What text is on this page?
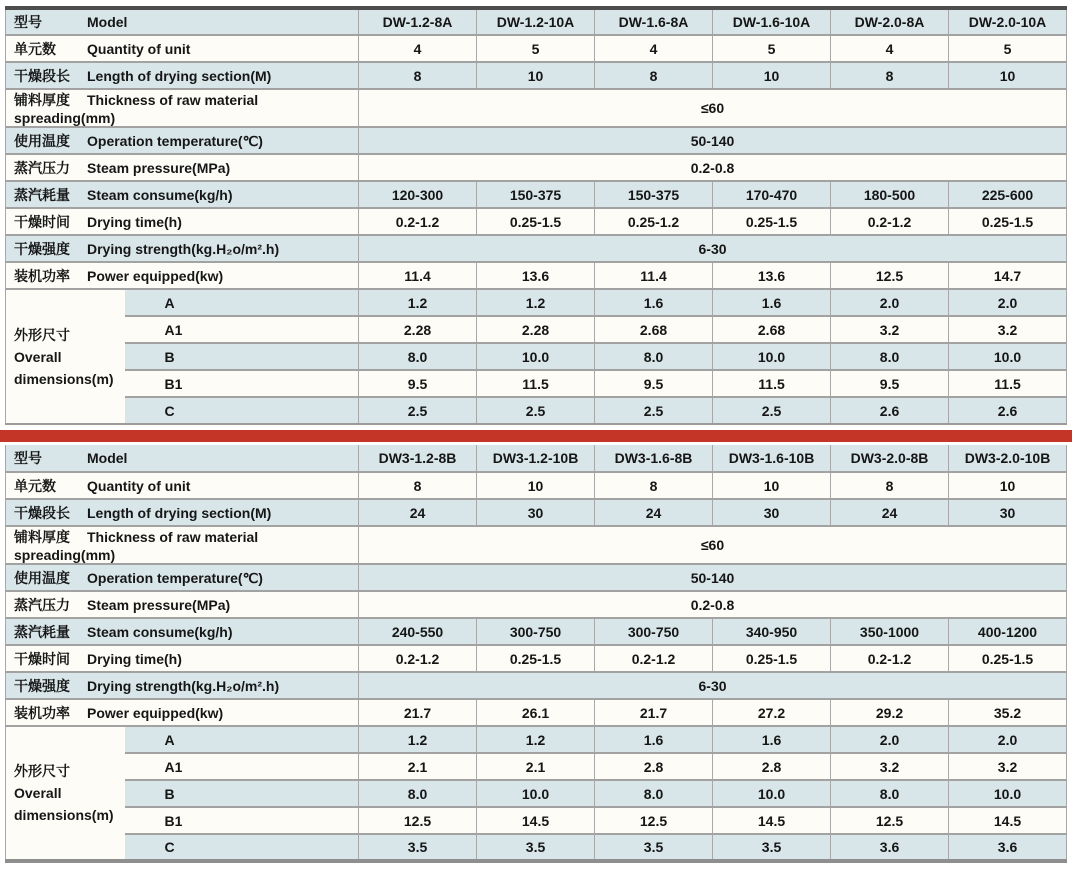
型号 Model		DW-1.2-8A	DW-1.2-10A	DW-1.6-8A	DW-1.6-10A	DW-2.0-8A	DW-2.0-10A
单元数 Quantity of unit		4	5	4	5	4	5
干燥段长 Length of drying section(M)		8	10	8	10	8	10
铺料厚度 Thickness of raw material spreading(mm)		≤60					
使用温度 Operation temperature(℃)		50-140					
蒸汽压力 Steam pressure(MPa)		0.2-0.8					
蒸汽耗量 Steam consume(kg/h)		120-300	150-375	150-375	170-470	180-500	225-600
干燥时间 Drying time(h)		0.2-1.2	0.25-1.5	0.25-1.2	0.25-1.5	0.2-1.2	0.25-1.5
干燥强度 Drying strength(kg.H₂o/m².h)		6-30					
装机功率 Power equipped(kw)		11.4	13.6	11.4	13.6	12.5	14.7

外形尺寸
Overall
dimensions(m)	A	1.2	1.2	1.6	1.6	2.0	2.0
	A1	2.28	2.28	2.68	2.68	3.2	3.2
	B	8.0	10.0	8.0	10.0	8.0	10.0
	B1	9.5	11.5	9.5	11.5	9.5	11.5
	C	2.5	2.5	2.5	2.5	2.6	2.6
型号 Model		DW3-1.2-8B	DW3-1.2-10B	DW3-1.6-8B	DW3-1.6-10B	DW3-2.0-8B	DW3-2.0-10B
单元数 Quantity of unit		8	10	8	10	8	10
干燥段长 Length of drying section(M)		24	30	24	30	24	30
铺料厚度 Thickness of raw material spreading(mm)		≤60					
使用温度 Operation temperature(℃)		50-140					
蒸汽压力 Steam pressure(MPa)		0.2-0.8					
蒸汽耗量 Steam consume(kg/h)		240-550	300-750	300-750	340-950	350-1000	400-1200
干燥时间 Drying time(h)		0.2-1.2	0.25-1.5	0.2-1.2	0.25-1.5	0.2-1.2	0.25-1.5
干燥强度 Drying strength(kg.H₂o/m².h)		6-30					
装机功率 Power equipped(kw)		21.7	26.1	21.7	27.2	29.2	35.2

外形尺寸
Overall
dimensions(m)	A	1.2	1.2	1.6	1.6	2.0	2.0
	A1	2.1	2.1	2.8	2.8	3.2	3.2
	B	8.0	10.0	8.0	10.0	8.0	10.0
	B1	12.5	14.5	12.5	14.5	12.5	14.5
	C	3.5	3.5	3.5	3.5	3.6	3.6
